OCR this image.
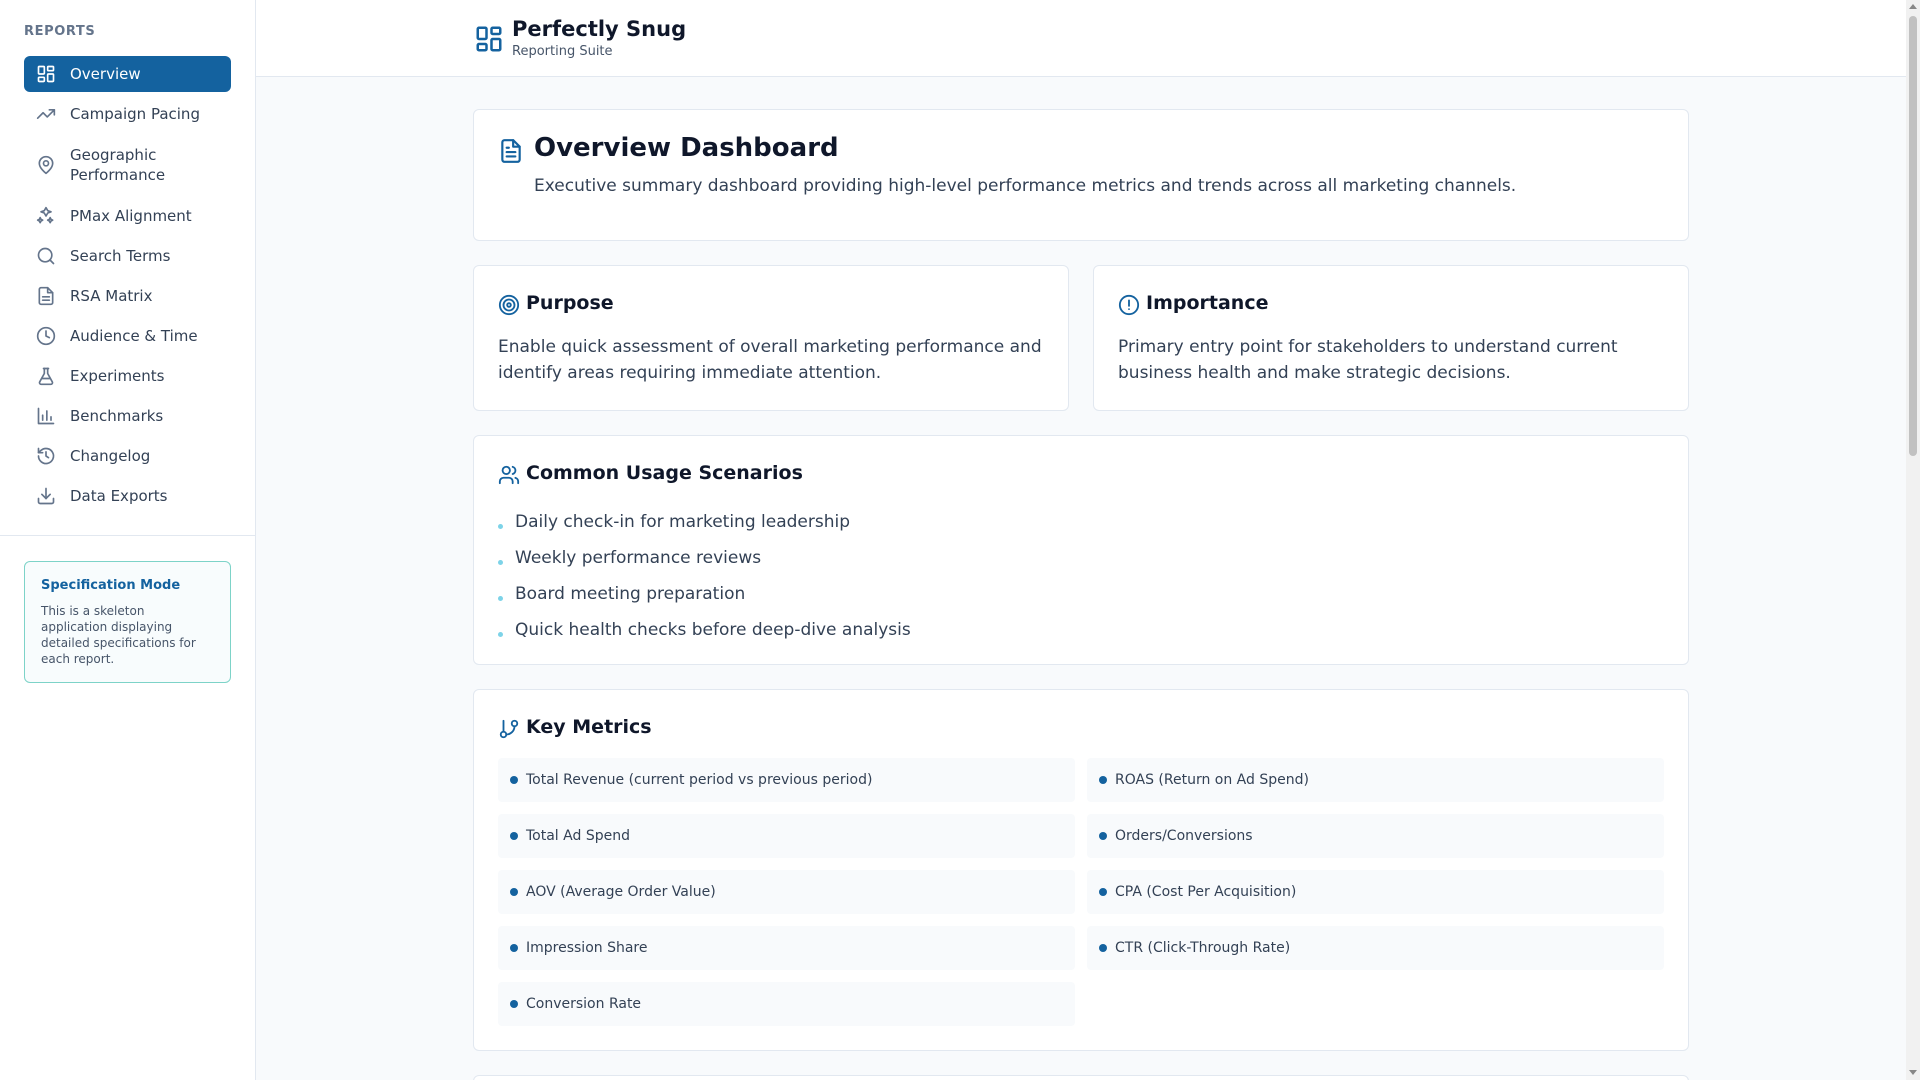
REPORTS
Overview
Campaign Pacing
Geographic Performance
PMax Alignment
Search Terms
RSA Matrix
Audience & Time
Experiments
Benchmarks
Changelog
Data Exports
Specification Mode
This is a skeleton application displaying detailed specifications for each report.
Perfectly Snug
Reporting Suite
Overview Dashboard

Executive summary dashboard providing high-level performance metrics and trends across all marketing channels.

Purpose

Enable quick assessment of overall marketing performance and identify areas requiring immediate attention.

Importance

Primary entry point for stakeholders to understand current business health and make strategic decisions.

Common Usage Scenarios
Daily check-in for marketing leadership
Weekly performance reviews
Board meeting preparation
Quick health checks before deep-dive analysis
Key Metrics
Total Revenue (current period vs previous period)	ROAS (Return on Ad Spend)
Total Ad Spend	Orders/Conversions
AOV (Average Order Value)	CPA (Cost Per Acquisition)
Impression Share	CTR (Click-Through Rate)
Conversion Rate
